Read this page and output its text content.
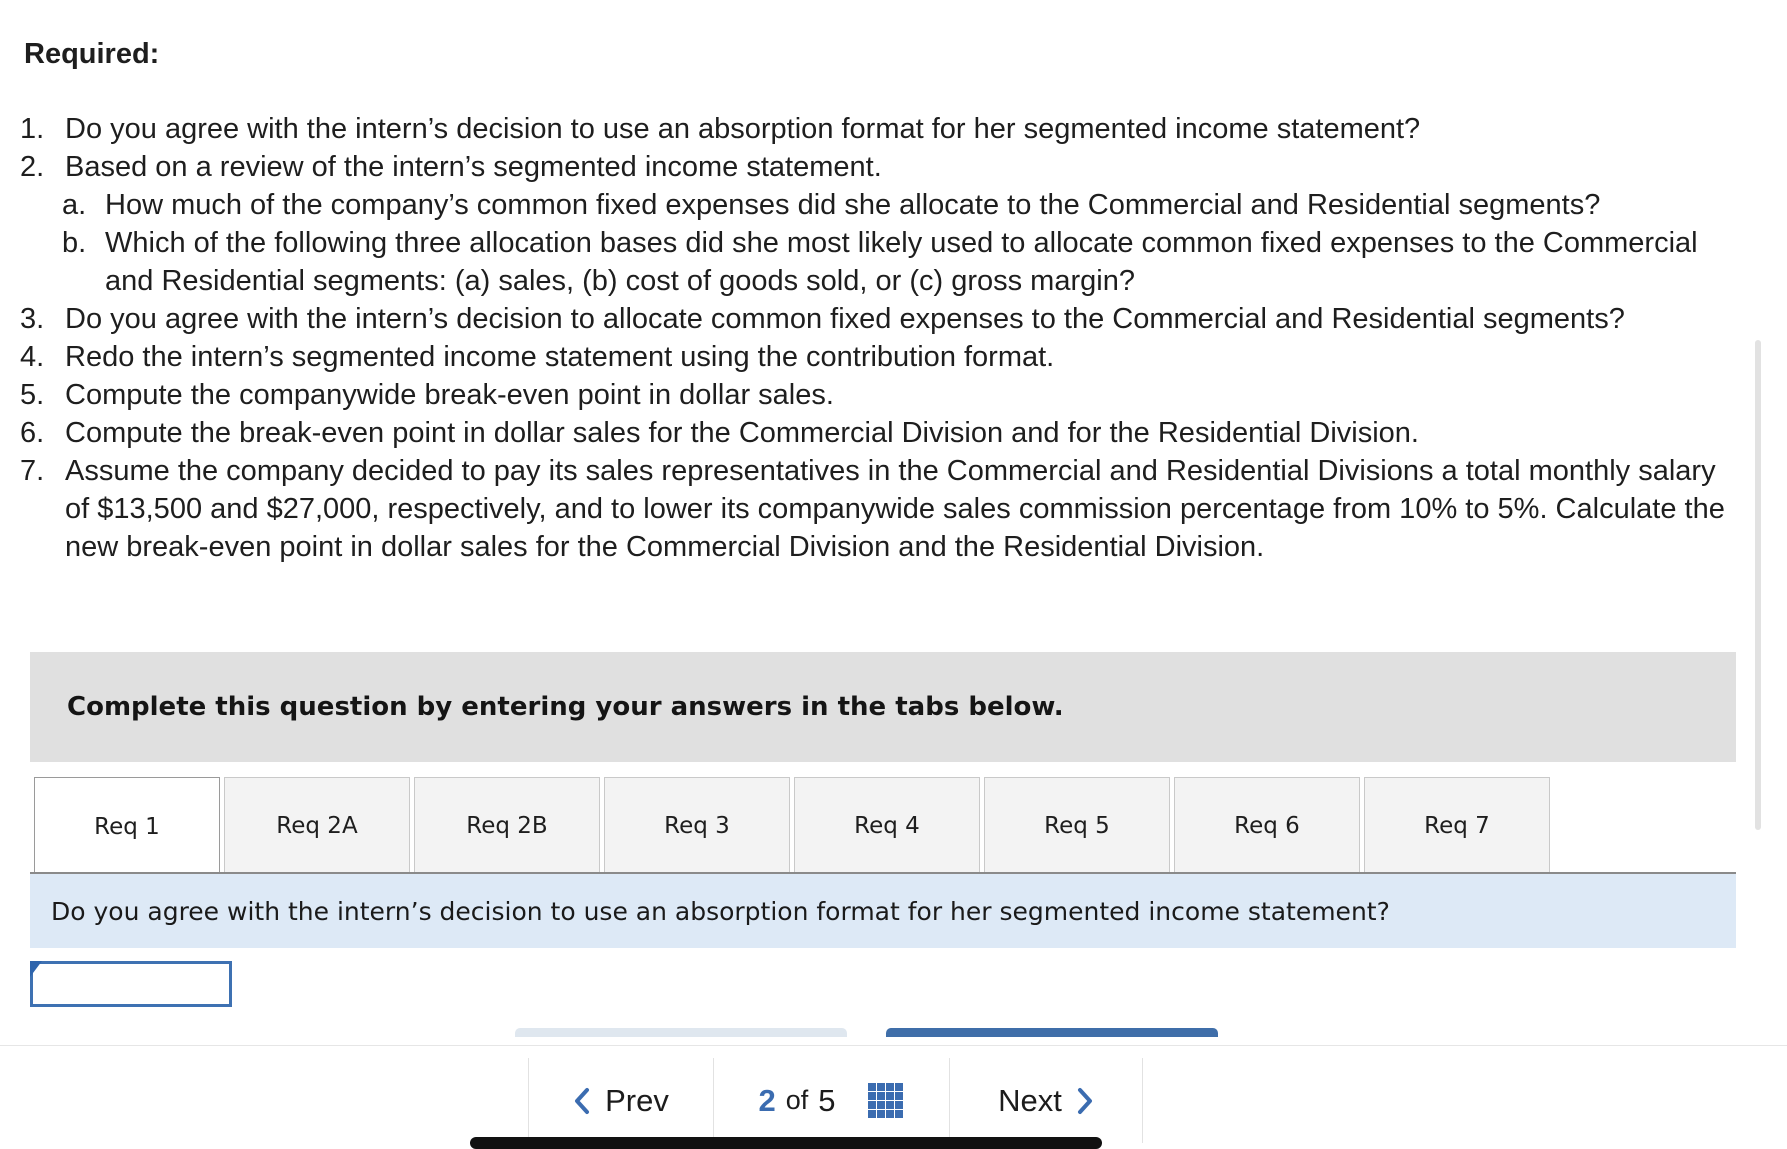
Required:
1. Do you agree with the intern’s decision to use an absorption format for her segmented income statement?
2. Based on a review of the intern’s segmented income statement.
a. How much of the company’s common fixed expenses did she allocate to the Commercial and Residential segments?
b. Which of the following three allocation bases did she most likely used to allocate common fixed expenses to the Commercial and Residential segments: (a) sales, (b) cost of goods sold, or (c) gross margin?
3. Do you agree with the intern’s decision to allocate common fixed expenses to the Commercial and Residential segments?
4. Redo the intern’s segmented income statement using the contribution format.
5. Compute the companywide break-even point in dollar sales.
6. Compute the break-even point in dollar sales for the Commercial Division and for the Residential Division.
7. Assume the company decided to pay its sales representatives in the Commercial and Residential Divisions a total monthly salary of $13,500 and $27,000, respectively, and to lower its companywide sales commission percentage from 10% to 5%. Calculate the new break-even point in dollar sales for the Commercial Division and the Residential Division.
Complete this question by entering your answers in the tabs below.
Req 1	Req 2A	Req 2B	Req 3	Req 4	Req 5	Req 6	Req 7
Do you agree with the intern’s decision to use an absorption format for her segmented income statement?
Prev	2 of 5	Next
